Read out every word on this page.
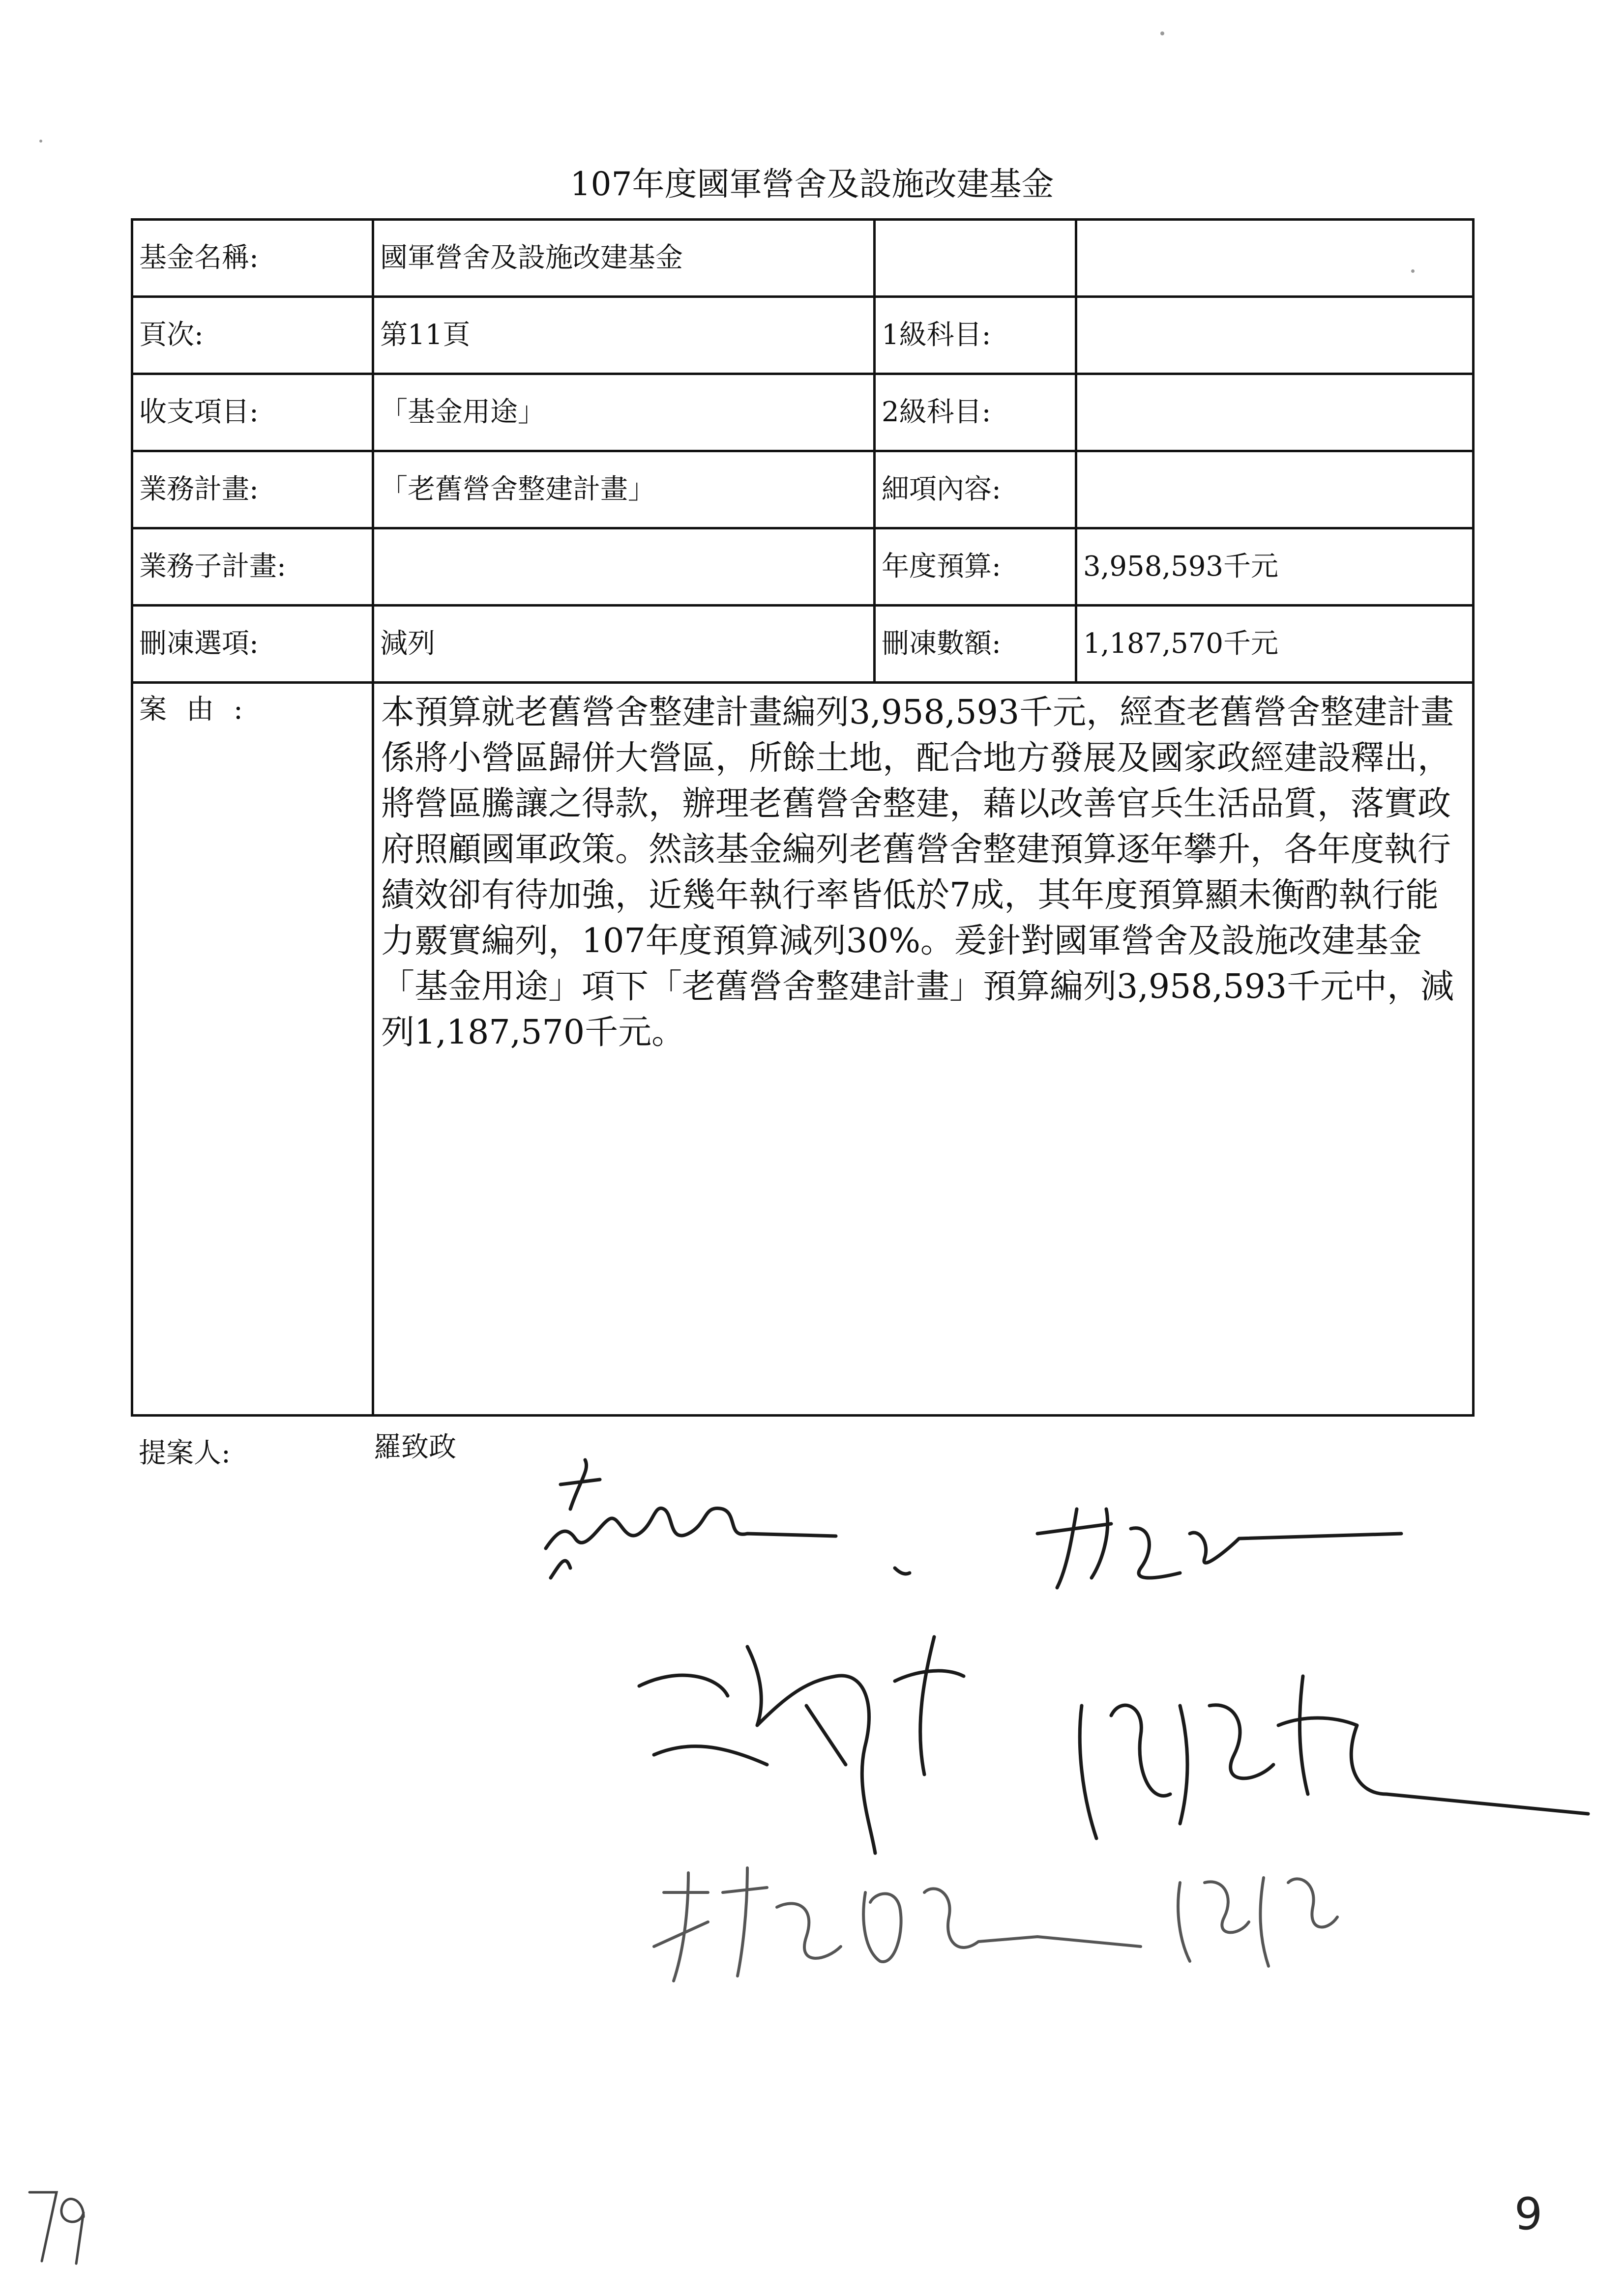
107年度國軍營舍及設施改建基金
基金名稱:	國軍營舍及設施改建基金		
頁次:	第11頁	1級科目:	
收支項目:	「基金用途」	2級科目:	
業務計畫:	「老舊營舍整建計畫」	細項內容:	
業務子計畫:		年度預算:	3,958,593千元
刪凍選項:	減列	刪凍數額:	1,187,570千元
案由:	本預算就老舊營舍整建計畫編列3,958,593千元，經查老舊營舍整建計畫係將小營區歸併大營區，所餘土地，配合地方發展及國家政經建設釋出，將營區騰讓之得款，辦理老舊營舍整建，藉以改善官兵生活品質，落實政府照顧國軍政策。然該基金編列老舊營舍整建預算逐年攀升，各年度執行績效卻有待加強，近幾年執行率皆低於7成，其年度預算顯未衡酌執行能力覈實編列，107年度預算減列30%。爰針對國軍營舍及設施改建基金「基金用途」項下「老舊營舍整建計畫」預算編列3,958,593千元中，減列1,187,570千元。		
提案人:	羅致政
9
